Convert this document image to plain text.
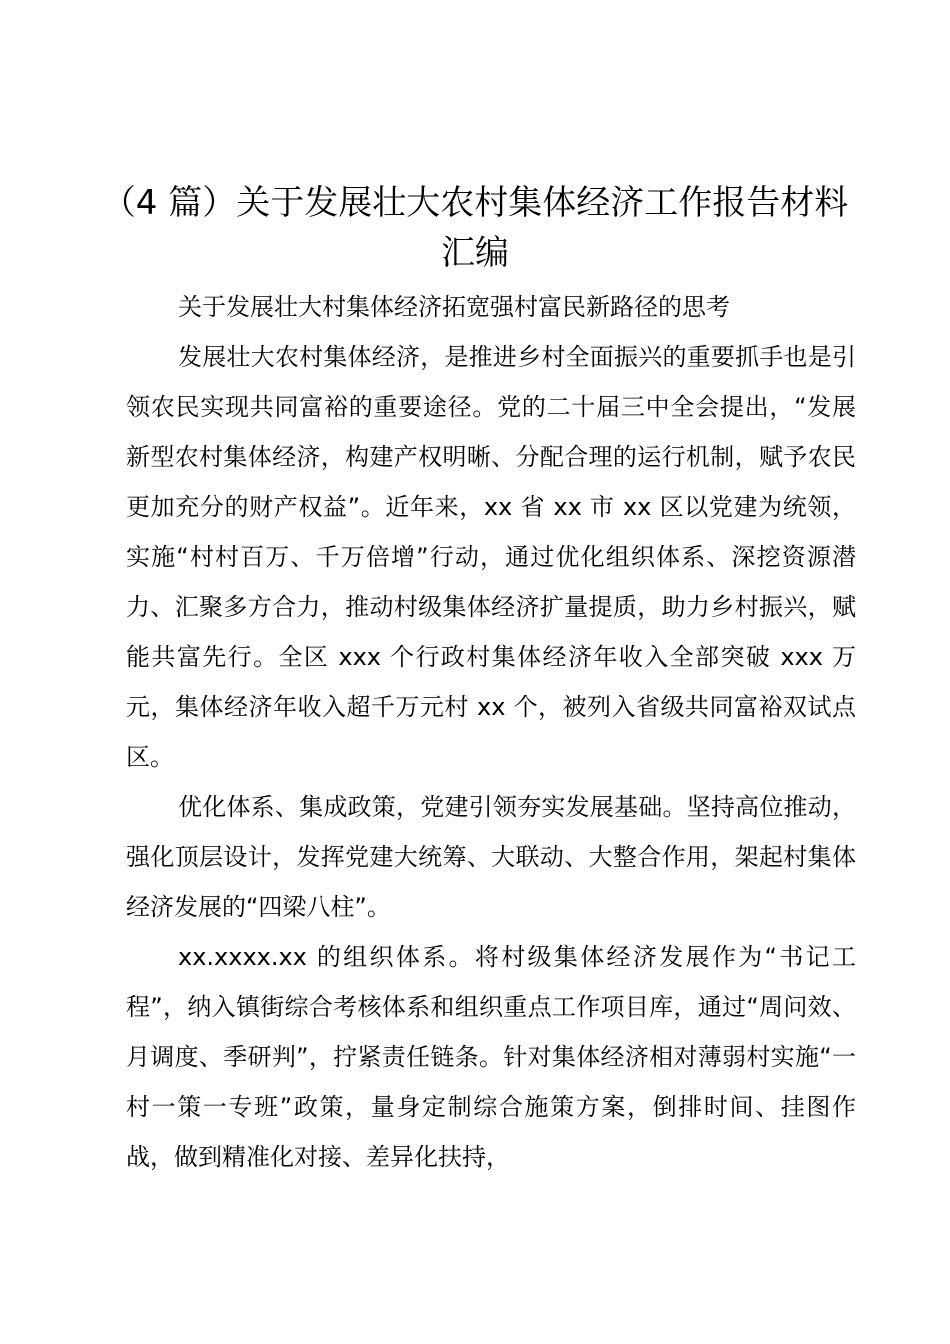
（4 篇）关于发展壮大农村集体经济工作报告材料汇编

关于发展壮大村集体经济拓宽强村富民新路径的思考

发展壮大农村集体经济，是推进乡村全面振兴的重要抓手也是引领农民实现共同富裕的重要途径。党的二十届三中全会提出，“发展新型农村集体经济，构建产权明晰、分配合理的运行机制，赋予农民更加充分的财产权益”。近年来，xx 省 xx 市 xx 区以党建为统领，实施“村村百万、千万倍增”行动，通过优化组织体系、深挖资源潜力、汇聚多方合力，推动村级集体经济扩量提质，助力乡村振兴，赋能共富先行。全区 xxx 个行政村集体经济年收入全部突破 xxx 万元，集体经济年收入超千万元村 xx 个，被列入省级共同富裕双试点区。

优化体系、集成政策，党建引领夯实发展基础。坚持高位推动，强化顶层设计，发挥党建大统筹、大联动、大整合作用，架起村集体经济发展的“四梁八柱”。

xx.xxxx.xx 的组织体系。将村级集体经济发展作为“书记工程”，纳入镇街综合考核体系和组织重点工作项目库，通过“周问效、月调度、季研判”，拧紧责任链条。针对集体经济相对薄弱村实施“一村一策一专班”政策，量身定制综合施策方案，倒排时间、挂图作战，做到精准化对接、差异化扶持，
